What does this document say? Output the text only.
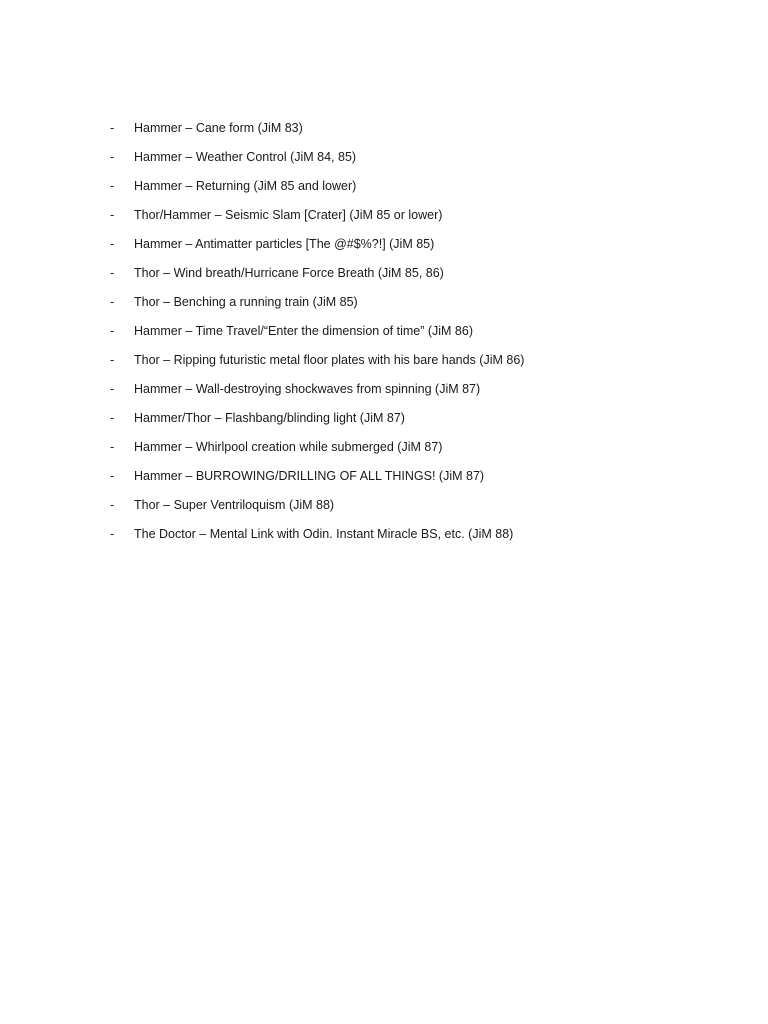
-	Hammer – Cane form (JiM 83)
-	Hammer – Weather Control (JiM 84, 85)
-	Hammer – Returning (JiM 85 and lower)
-	Thor/Hammer – Seismic Slam [Crater] (JiM 85 or lower)
-	Hammer – Antimatter particles [The @#$%?!] (JiM 85)
-	Thor – Wind breath/Hurricane Force Breath (JiM 85, 86)
-	Thor – Benching a running train (JiM 85)
-	Hammer – Time Travel/“Enter the dimension of time” (JiM 86)
-	Thor – Ripping futuristic metal floor plates with his bare hands (JiM 86)
-	Hammer – Wall-destroying shockwaves from spinning (JiM 87)
-	Hammer/Thor – Flashbang/blinding light (JiM 87)
-	Hammer – Whirlpool creation while submerged (JiM 87)
-	Hammer – BURROWING/DRILLING OF ALL THINGS! (JiM 87)
-	Thor – Super Ventriloquism (JiM 88)
-	The Doctor – Mental Link with Odin. Instant Miracle BS, etc. (JiM 88)
